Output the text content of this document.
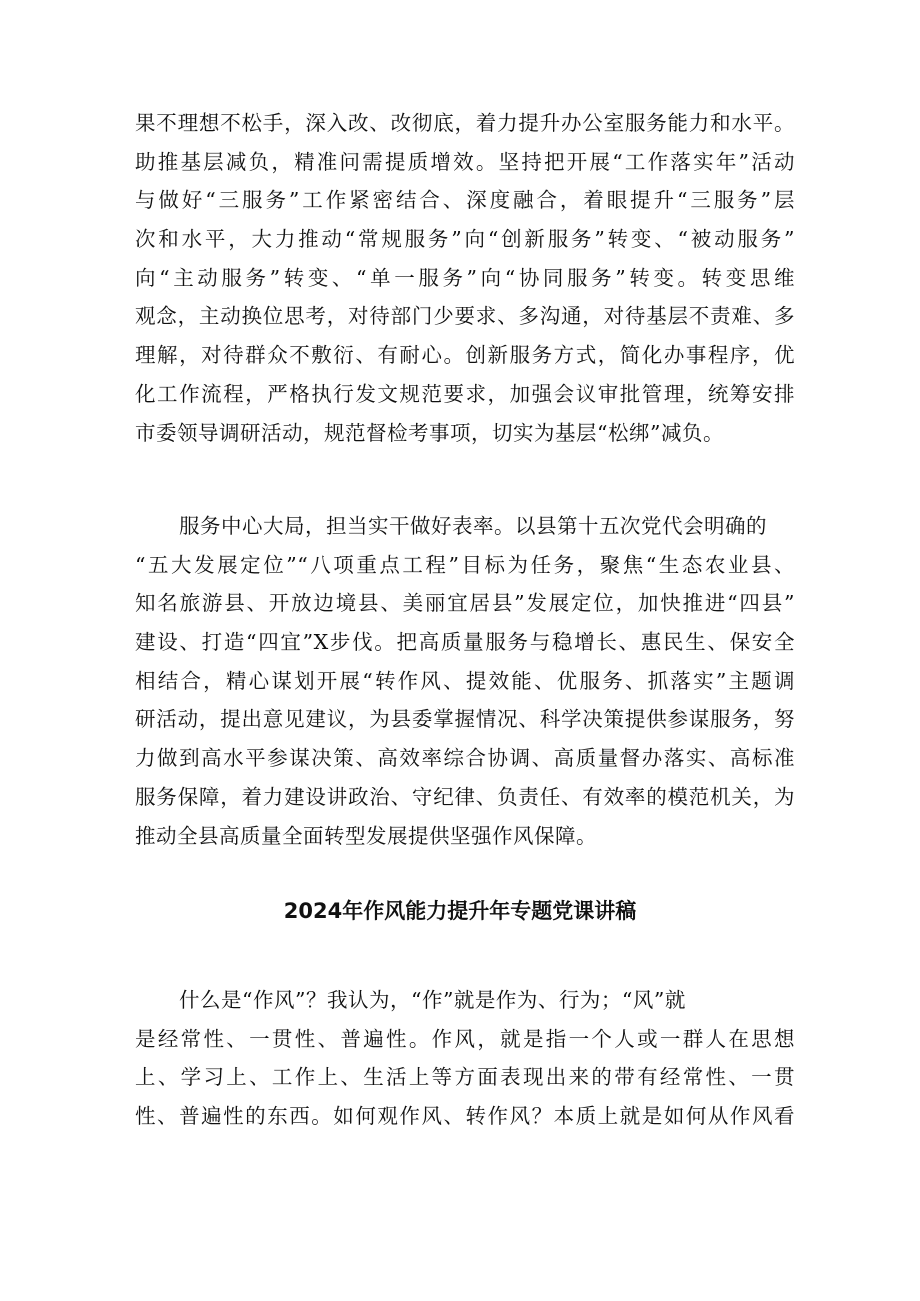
果不理想不松手，深入改、改彻底，着力提升办公室服务能力和水平。
助推基层减负，精准问需提质增效。坚持把开展“工作落实年”活动
与做好“三服务”工作紧密结合、深度融合，着眼提升“三服务”层
次和水平，大力推动“常规服务”向“创新服务”转变、“被动服务”
向“主动服务”转变、“单一服务”向“协同服务”转变。转变思维
观念，主动换位思考，对待部门少要求、多沟通，对待基层不责难、多
理解，对待群众不敷衍、有耐心。创新服务方式，简化办事程序，优
化工作流程，严格执行发文规范要求，加强会议审批管理，统筹安排
市委领导调研活动，规范督检考事项，切实为基层“松绑”减负。
服务中心大局，担当实干做好表率。以县第十五次党代会明确的
“五大发展定位”“八项重点工程”目标为任务，聚焦“生态农业县、
知名旅游县、开放边境县、美丽宜居县”发展定位，加快推进“四县”
建设、打造“四宜”X步伐。把高质量服务与稳增长、惠民生、保安全
相结合，精心谋划开展“转作风、提效能、优服务、抓落实”主题调
研活动，提出意见建议，为县委掌握情况、科学决策提供参谋服务，努
力做到高水平参谋决策、高效率综合协调、高质量督办落实、高标准
服务保障，着力建设讲政治、守纪律、负责任、有效率的模范机关，为
推动全县高质量全面转型发展提供坚强作风保障。
2024年作风能力提升年专题党课讲稿
什么是“作风”？我认为，“作”就是作为、行为；“风”就
是经常性、一贯性、普遍性。作风，就是指一个人或一群人在思想
上、学习上、工作上、生活上等方面表现出来的带有经常性、一贯
性、普遍性的东西。如何观作风、转作风？本质上就是如何从作风看
